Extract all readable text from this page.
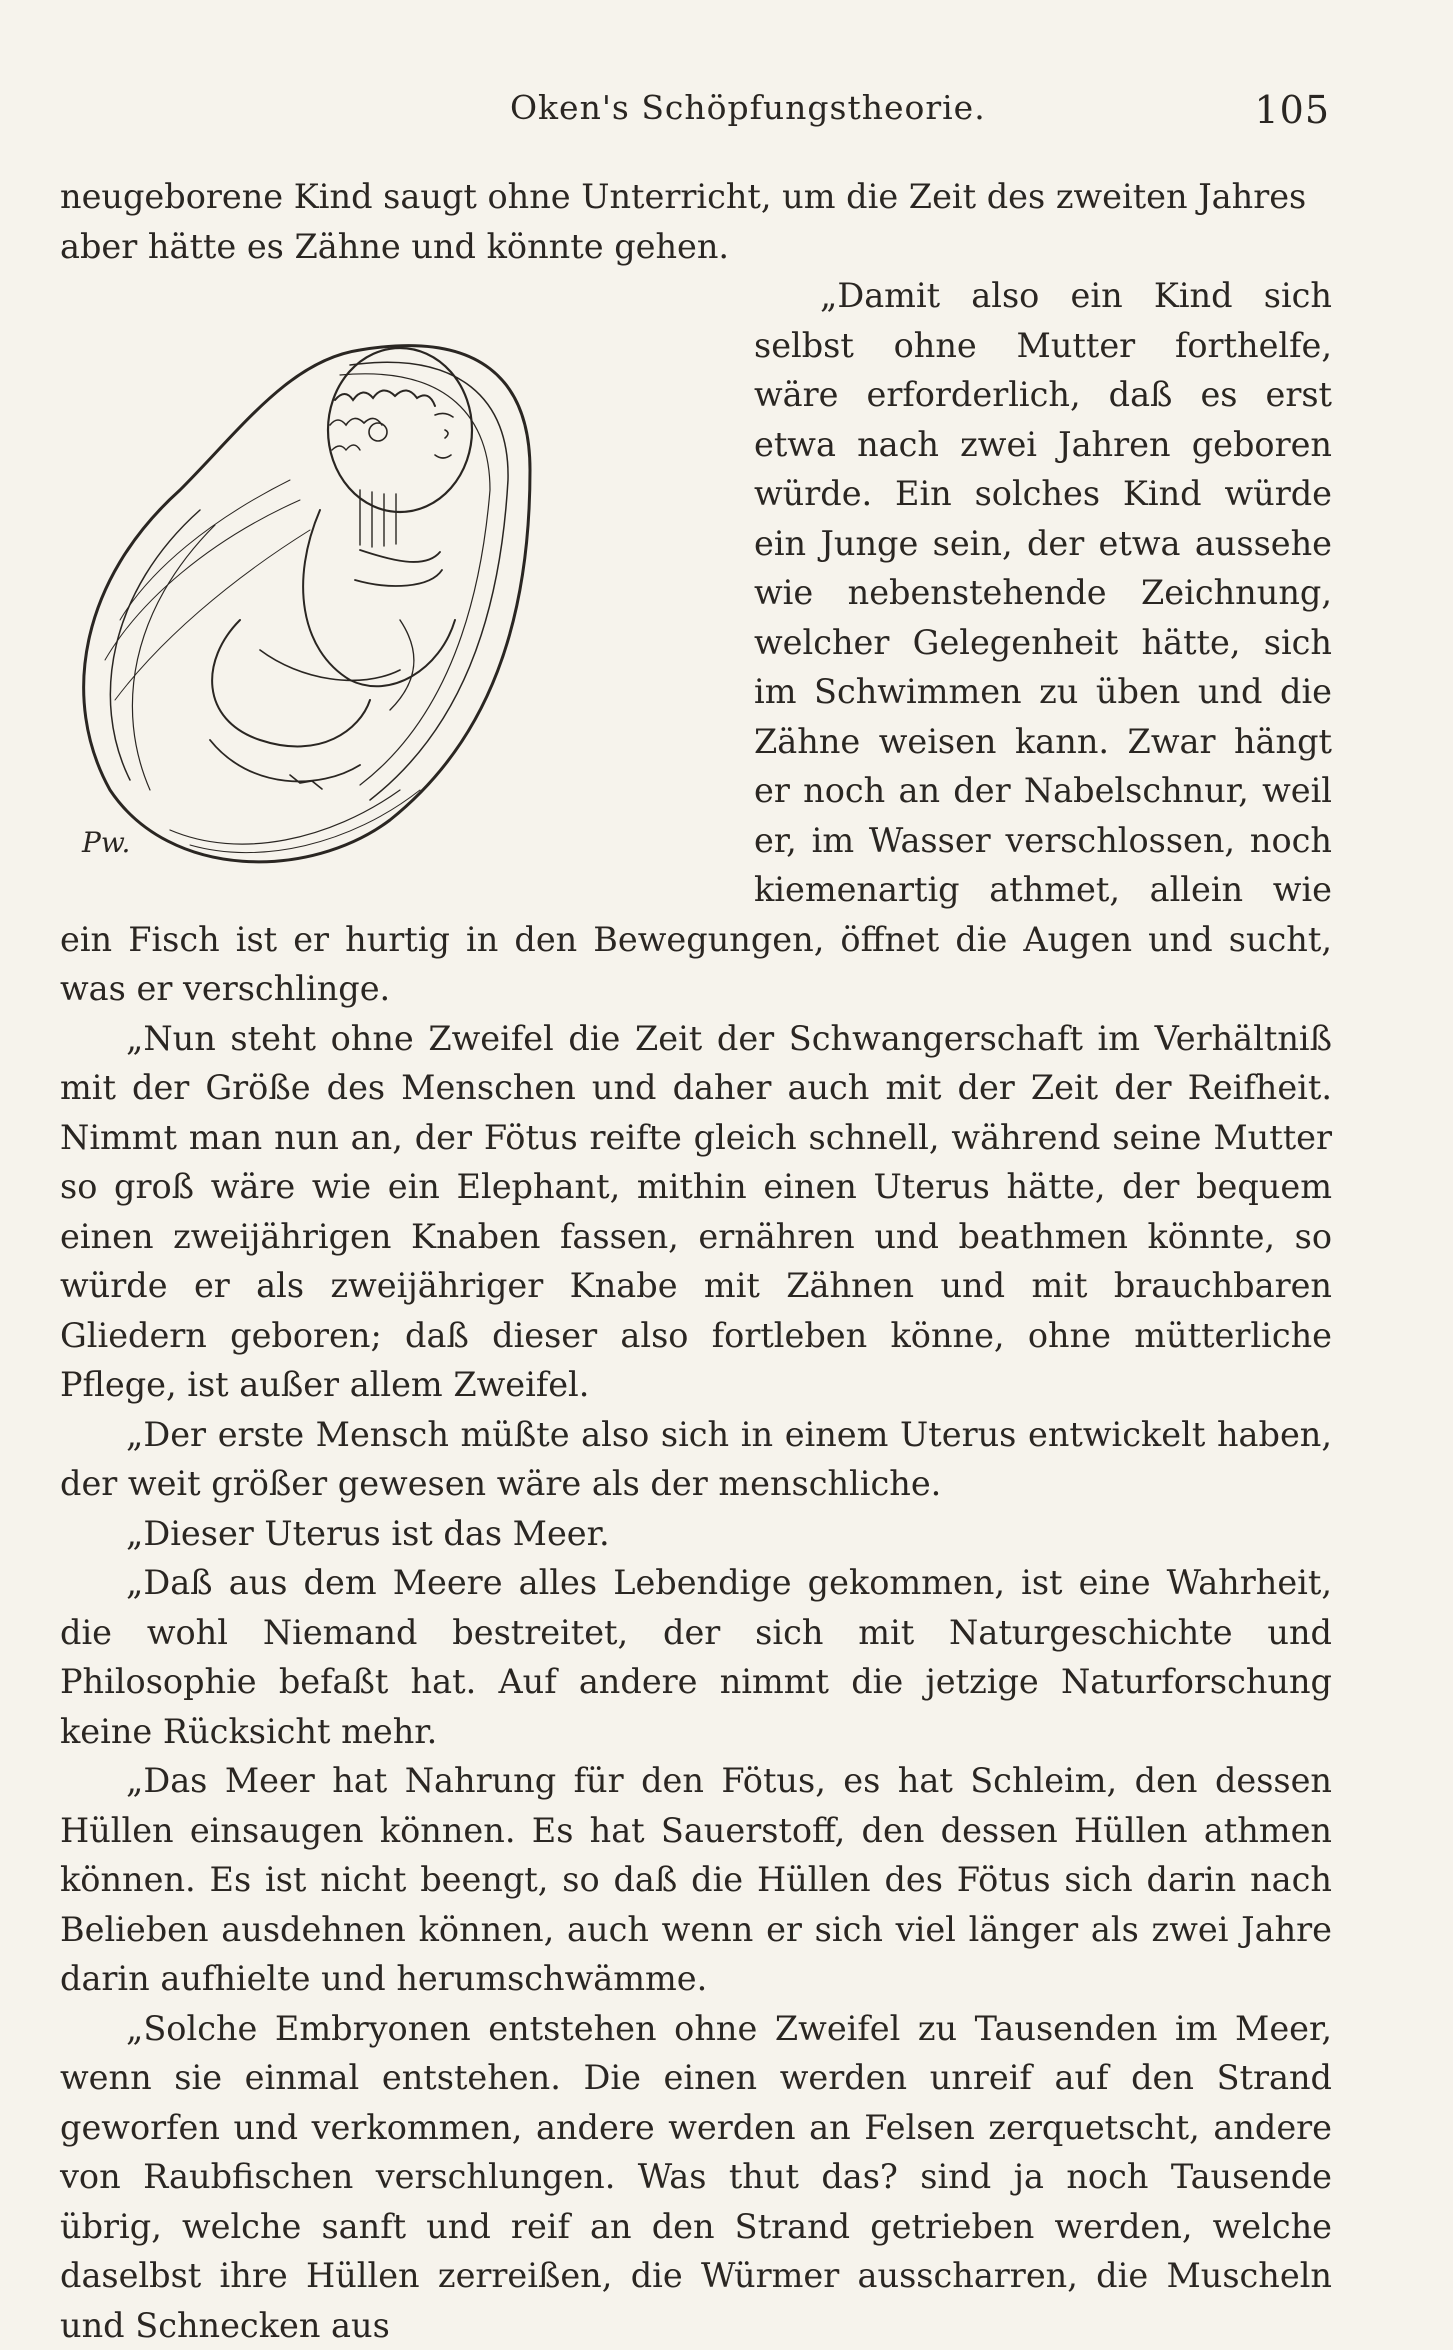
Oken's Schöpfungstheorie.	105

neugeborene Kind saugt ohne Unterricht, um die Zeit des zweiten Jahres aber hätte es Zähne und könnte gehen.

Pw.

„Damit also ein Kind sich selbst ohne Mutter forthelfe, wäre erforderlich, daß es erst etwa nach zwei Jahren geboren würde. Ein solches Kind würde ein Junge sein, der etwa aussehe wie nebenstehende Zeichnung, welcher Gelegenheit hätte, sich im Schwimmen zu üben und die Zähne weisen kann. Zwar hängt er noch an der Nabelschnur, weil er, im Wasser verschlossen, noch kiemenartig athmet, allein wie ein Fisch ist er hurtig in den Bewegungen, öffnet die Augen und sucht, was er verschlinge.

„Nun steht ohne Zweifel die Zeit der Schwangerschaft im Verhältniß mit der Größe des Menschen und daher auch mit der Zeit der Reifheit. Nimmt man nun an, der Fötus reifte gleich schnell, während seine Mutter so groß wäre wie ein Elephant, mithin einen Uterus hätte, der bequem einen zweijährigen Knaben fassen, ernähren und beathmen könnte, so würde er als zweijähriger Knabe mit Zähnen und mit brauchbaren Gliedern geboren; daß dieser also fortleben könne, ohne mütterliche Pflege, ist außer allem Zweifel.

„Der erste Mensch müßte also sich in einem Uterus entwickelt haben, der weit größer gewesen wäre als der menschliche.

„Dieser Uterus ist das Meer.

„Daß aus dem Meere alles Lebendige gekommen, ist eine Wahrheit, die wohl Niemand bestreitet, der sich mit Naturgeschichte und Philosophie befaßt hat. Auf andere nimmt die jetzige Naturforschung keine Rücksicht mehr.

„Das Meer hat Nahrung für den Fötus, es hat Schleim, den dessen Hüllen einsaugen können. Es hat Sauerstoff, den dessen Hüllen athmen können. Es ist nicht beengt, so daß die Hüllen des Fötus sich darin nach Belieben ausdehnen können, auch wenn er sich viel länger als zwei Jahre darin aufhielte und herumschwämme.

„Solche Embryonen entstehen ohne Zweifel zu Tausenden im Meer, wenn sie einmal entstehen. Die einen werden unreif auf den Strand geworfen und verkommen, andere werden an Felsen zerquetscht, andere von Raubfischen verschlungen. Was thut das? sind ja noch Tausende übrig, welche sanft und reif an den Strand getrieben werden, welche daselbst ihre Hüllen zerreißen, die Würmer ausscharren, die Muscheln und Schnecken aus
